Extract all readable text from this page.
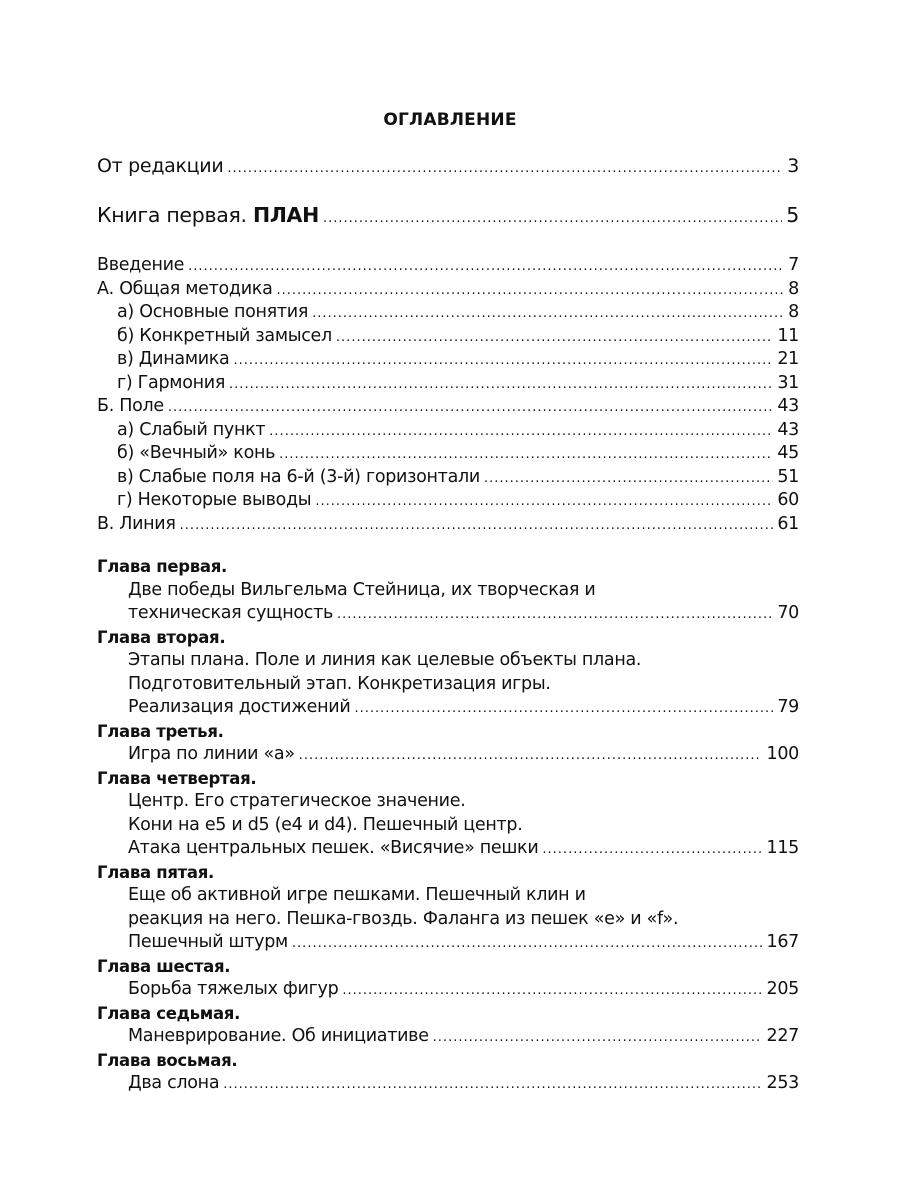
ОГЛАВЛЕНИЕ
От редакции .....	3
Книга первая. ПЛАН .....	5
Введение .....	7
А. Общая методика .....	8
а) Основные понятия .....	8
б) Конкретный замысел .....	11
в) Динамика .....	21
г) Гармония .....	31
Б. Поле .....	43
а) Слабый пункт .....	43
б) «Вечный» конь .....	45
в) Слабые поля на 6-й (3-й) горизонтали .....	51
г) Некоторые выводы .....	60
В. Линия .....	61
Глава первая.
Две победы Вильгельма Стейница, их творческая и
техническая сущность .....	70
Глава вторая.
Этапы плана. Поле и линия как целевые объекты плана.
Подготовительный этап. Конкретизация игры.
Реализация достижений .....	79
Глава третья.
Игра по линии «а» .....	100
Глава четвертая.
Центр. Его стратегическое значение.
Кони на e5 и d5 (e4 и d4). Пешечный центр.
Атака центральных пешек. «Висячие» пешки .....	115
Глава пятая.
Еще об активной игре пешками. Пешечный клин и
реакция на него. Пешка-гвоздь. Фаланга из пешек «е» и «f».
Пешечный штурм .....	167
Глава шестая.
Борьба тяжелых фигур .....	205
Глава седьмая.
Маневрирование. Об инициативе .....	227
Глава восьмая.
Два слона .....	253
